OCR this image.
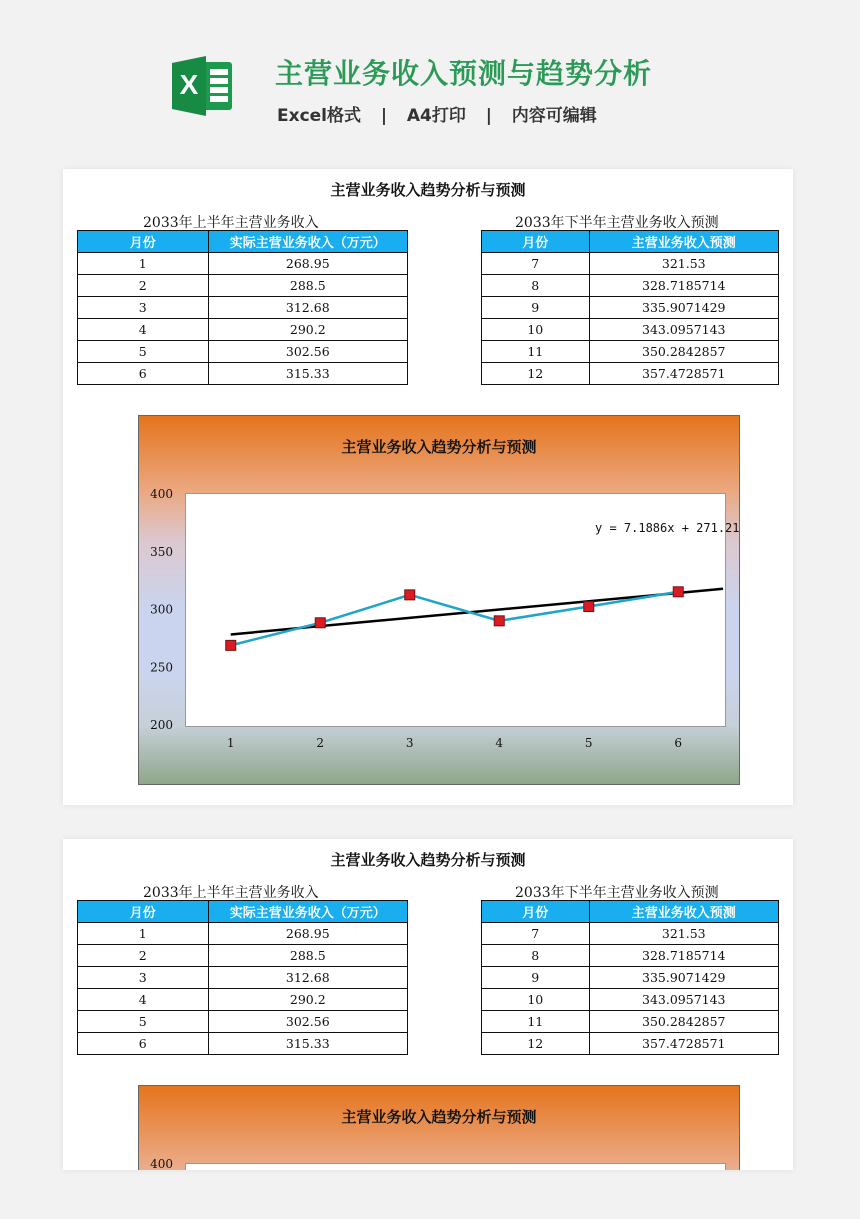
X	主营业务收入预测与趋势分析
Excel格式  |  A4打印  |  内容可编辑
主营业务收入趋势分析与预测
2033年上半年主营业务收入	2033年下半年主营业务收入预测
月份	实际主营业务收入（万元）
1	268.95
2	288.5
3	312.68
4	290.2
5	302.56
6	315.33
月份	主营业务收入预测
7	321.53
8	328.7185714
9	335.9071429
10	343.0957143
11	350.2842857
12	357.4728571
主营业务收入趋势分析与预测
200
250
300
350
400
1	2	3	4	5	6
y = 7.1886x + 271.21
主营业务收入趋势分析与预测
2033年上半年主营业务收入	2033年下半年主营业务收入预测
月份	实际主营业务收入（万元）
1	268.95
2	288.5
3	312.68
4	290.2
5	302.56
6	315.33
月份	主营业务收入预测
7	321.53
8	328.7185714
9	335.9071429
10	343.0957143
11	350.2842857
12	357.4728571
主营业务收入趋势分析与预测
400
